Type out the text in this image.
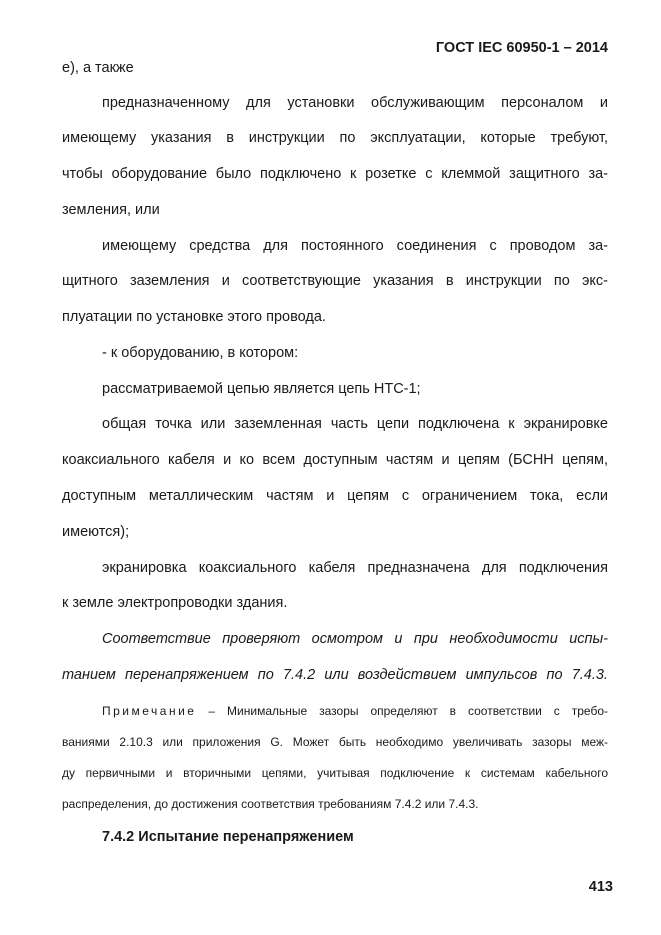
ГОСТ IEC 60950-1 – 2014
е), а также
предназначенному для установки обслуживающим персоналом и
имеющему указания в инструкции по эксплуатации, которые требуют,
чтобы оборудование было подключено к розетке с клеммой защитного за-
земления, или
имеющему средства для постоянного соединения с проводом за-
щитного заземления и соответствующие указания в инструкции по экс-
плуатации по установке этого провода.
- к оборудованию, в котором:
рассматриваемой цепью является цепь НТС-1;
общая точка или заземленная часть цепи подключена к экранировке
коаксиального кабеля и ко всем доступным частям и цепям (БСНН цепям,
доступным металлическим частям и цепям с ограничением тока, если
имеются);
экранировка коаксиального кабеля предназначена для подключения
к земле электропроводки здания.
Соответствие проверяют осмотром и при необходимости испы-
танием перенапряжением по 7.4.2 или воздействием импульсов по 7.4.3.
Примечание – Минимальные зазоры определяют в соответствии с требо-
ваниями 2.10.3 или приложения G. Может быть необходимо увеличивать зазоры меж-
ду первичными и вторичными цепями, учитывая подключение к системам кабельного
распределения, до достижения соответствия требованиям 7.4.2 или 7.4.3.
7.4.2 Испытание перенапряжением
413
